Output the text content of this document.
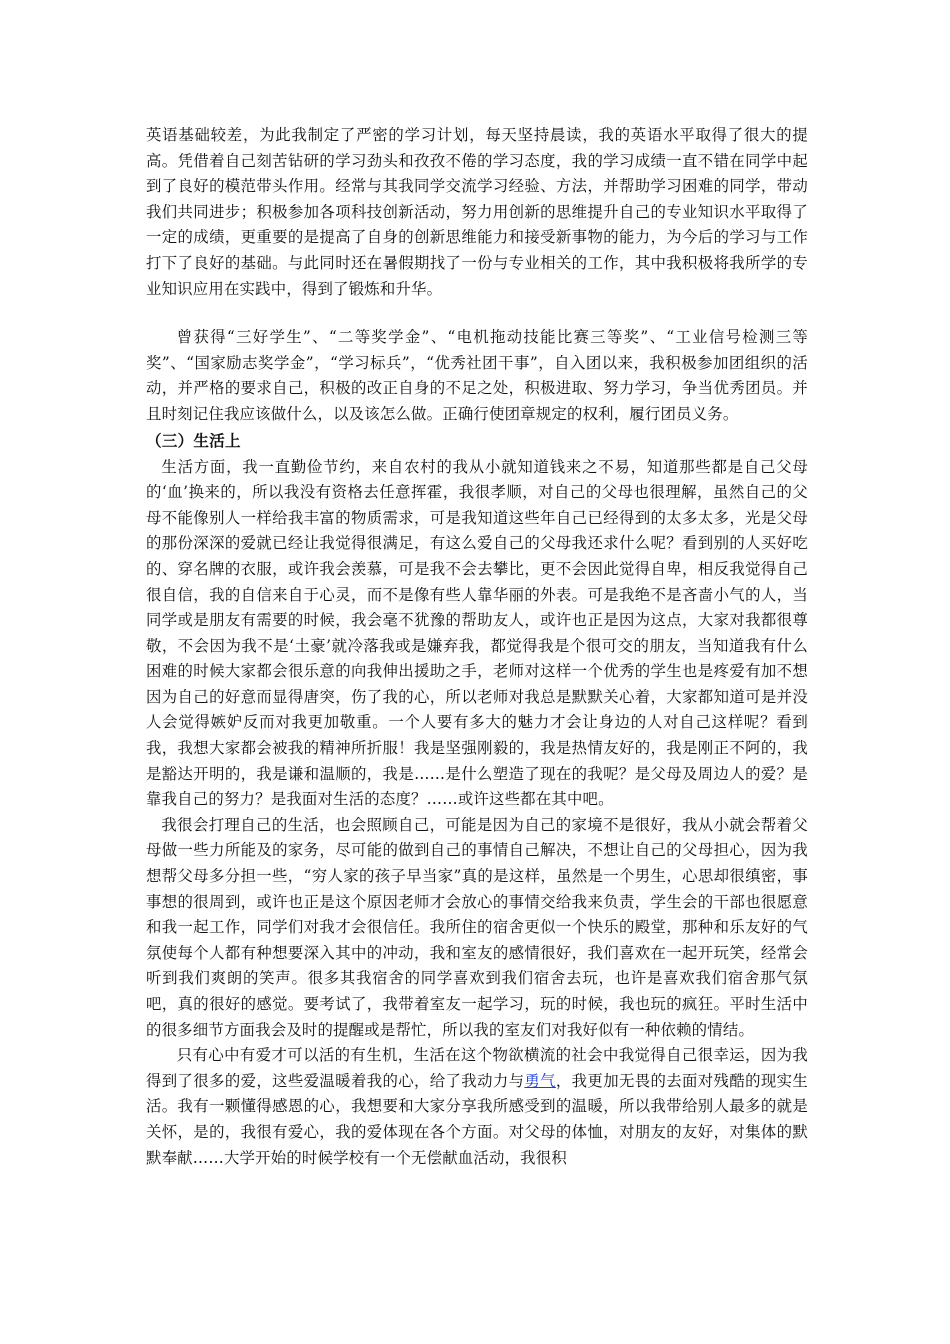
英语基础较差，为此我制定了严密的学习计划，每天坚持晨读，我的英语水平取得了很大的提高。凭借着自己刻苦钻研的学习劲头和孜孜不倦的学习态度，我的学习成绩一直不错在同学中起到了良好的模范带头作用。经常与其我同学交流学习经验、方法，并帮助学习困难的同学，带动我们共同进步；积极参加各项科技创新活动，努力用创新的思维提升自己的专业知识水平取得了一定的成绩，更重要的是提高了自身的创新思维能力和接受新事物的能力，为今后的学习与工作打下了良好的基础。与此同时还在暑假期找了一份与专业相关的工作，其中我积极将我所学的专业知识应用在实践中，得到了锻炼和升华。

曾获得“三好学生”、“二等奖学金”、“电机拖动技能比赛三等奖”、“工业信号检测三等奖”、“国家励志奖学金”，“学习标兵”，“优秀社团干事”，自入团以来，我积极参加团组织的活动，并严格的要求自己，积极的改正自身的不足之处，积极进取、努力学习，争当优秀团员。并且时刻记住我应该做什么，以及该怎么做。正确行使团章规定的权利，履行团员义务。

（三）生活上

生活方面，我一直勤俭节约，来自农村的我从小就知道钱来之不易，知道那些都是自己父母的‘血’换来的，所以我没有资格去任意挥霍，我很孝顺，对自己的父母也很理解，虽然自己的父母不能像别人一样给我丰富的物质需求，可是我知道这些年自己已经得到的太多太多，光是父母的那份深深的爱就已经让我觉得很满足，有这么爱自己的父母我还求什么呢？看到别的人买好吃的、穿名牌的衣服，或许我会羡慕，可是我不会去攀比，更不会因此觉得自卑，相反我觉得自己很自信，我的自信来自于心灵，而不是像有些人靠华丽的外表。可是我绝不是吝啬小气的人，当同学或是朋友有需要的时候，我会毫不犹豫的帮助友人，或许也正是因为这点，大家对我都很尊敬，不会因为我不是‘土豪’就冷落我或是嫌弃我，都觉得我是个很可交的朋友，当知道我有什么困难的时候大家都会很乐意的向我伸出援助之手，老师对这样一个优秀的学生也是疼爱有加不想因为自己的好意而显得唐突，伤了我的心，所以老师对我总是默默关心着，大家都知道可是并没人会觉得嫉妒反而对我更加敬重。一个人要有多大的魅力才会让身边的人对自己这样呢？看到我，我想大家都会被我的精神所折服！我是坚强刚毅的，我是热情友好的，我是刚正不阿的，我是豁达开明的，我是谦和温顺的，我是……是什么塑造了现在的我呢？是父母及周边人的爱？是靠我自己的努力？是我面对生活的态度？……或许这些都在其中吧。

我很会打理自己的生活，也会照顾自己，可能是因为自己的家境不是很好，我从小就会帮着父母做一些力所能及的家务，尽可能的做到自己的事情自己解决，不想让自己的父母担心，因为我想帮父母多分担一些，“穷人家的孩子早当家”真的是这样，虽然是一个男生，心思却很缜密，事事想的很周到，或许也正是这个原因老师才会放心的事情交给我来负责，学生会的干部也很愿意和我一起工作，同学们对我才会很信任。我所住的宿舍更似一个快乐的殿堂，那种和乐友好的气氛使每个人都有种想要深入其中的冲动，我和室友的感情很好，我们喜欢在一起开玩笑，经常会听到我们爽朗的笑声。很多其我宿舍的同学喜欢到我们宿舍去玩，也许是喜欢我们宿舍那气氛吧，真的很好的感觉。要考试了，我带着室友一起学习，玩的时候，我也玩的疯狂。平时生活中的很多细节方面我会及时的提醒或是帮忙，所以我的室友们对我好似有一种依赖的情结。

只有心中有爱才可以活的有生机，生活在这个物欲横流的社会中我觉得自己很幸运，因为我得到了很多的爱，这些爱温暖着我的心，给了我动力与勇气，我更加无畏的去面对残酷的现实生活。我有一颗懂得感恩的心，我想要和大家分享我所感受到的温暖，所以我带给别人最多的就是关怀，是的，我很有爱心，我的爱体现在各个方面。对父母的体恤，对朋友的友好，对集体的默默奉献……大学开始的时候学校有一个无偿献血活动，我很积
